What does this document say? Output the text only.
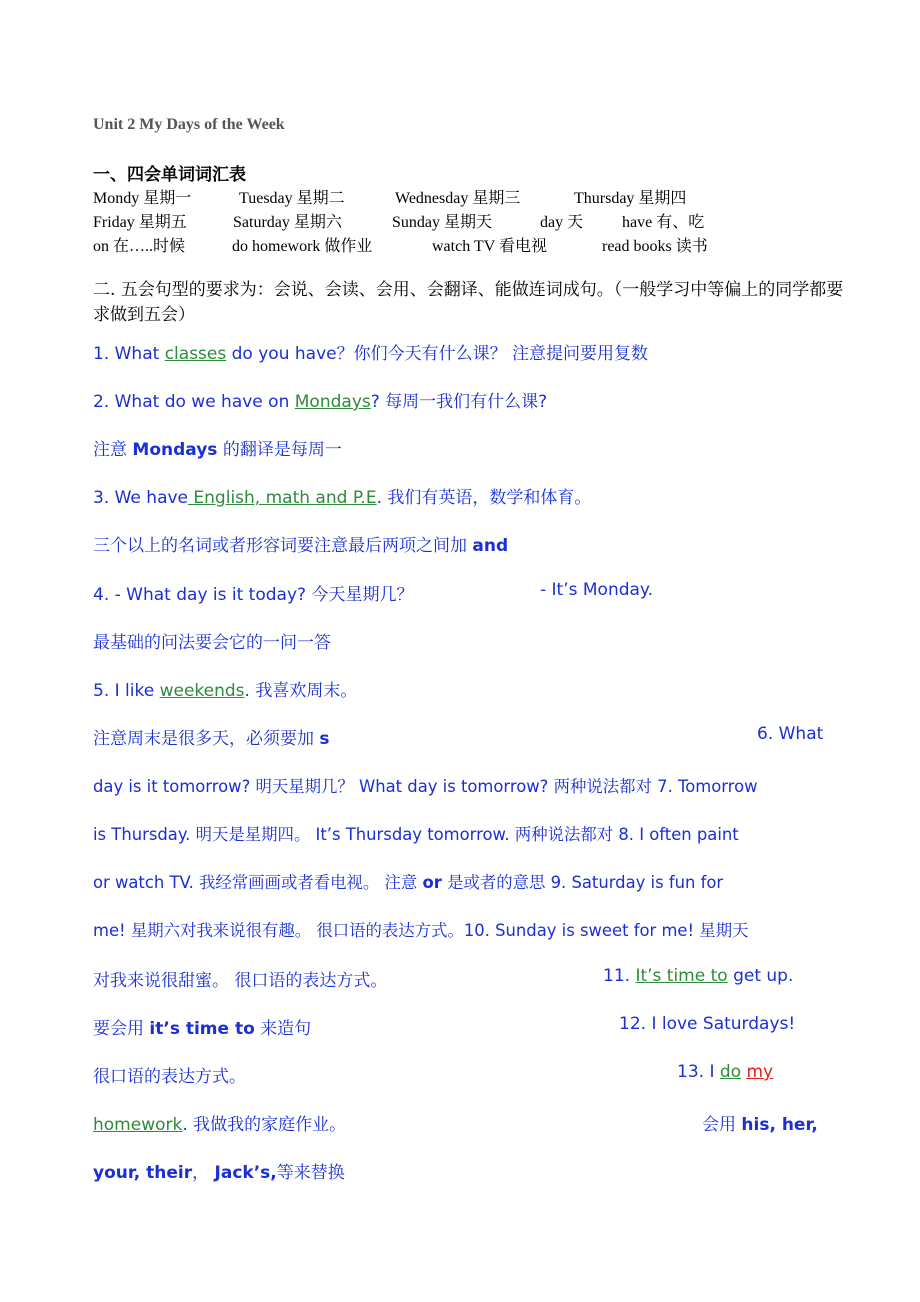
Unit 2 My Days of the Week
一、四会单词词汇表
Mondy 星期一	Tuesday 星期二	Wednesday 星期三	Thursday 星期四
Friday 星期五	Saturday 星期六	Sunday 星期天	day 天 have 有、吃
on 在…..时候	do homework 做作业	watch TV 看电视	read books 读书
二. 五会句型的要求为：会说、会读、会用、会翻译、能做连词成句。（一般学习中等偏上的同学都要求做到五会）
1. What classes do you have？你们今天有什么课？ 注意提问要用复数
2. What do we have on Mondays? 每周一我们有什么课?
注意 Mondays 的翻译是每周一
3. We have English, math and P.E. 我们有英语，数学和体育。
三个以上的名词或者形容词要注意最后两项之间加 and
4. - What day is it today? 今天星期几？	- It’s Monday.
最基础的问法要会它的一问一答
5. I like weekends. 我喜欢周末。
注意周末是很多天，必须要加 s	6. What
day is it tomorrow? 明天星期几？ What day is tomorrow? 两种说法都对 7. Tomorrow
is Thursday. 明天是星期四。 It’s Thursday tomorrow. 两种说法都对 8. I often paint
or watch TV. 我经常画画或者看电视。 注意 or 是或者的意思 9. Saturday is fun for
me! 星期六对我来说很有趣。 很口语的表达方式。10. Sunday is sweet for me! 星期天
对我来说很甜蜜。 很口语的表达方式。	11. It’s time to get up.
要会用 it’s time to 来造句	12. I love Saturdays!
很口语的表达方式。	13. I do my
homework. 我做我的家庭作业。	会用 his, her,
your, their， Jack’s,等来替换
